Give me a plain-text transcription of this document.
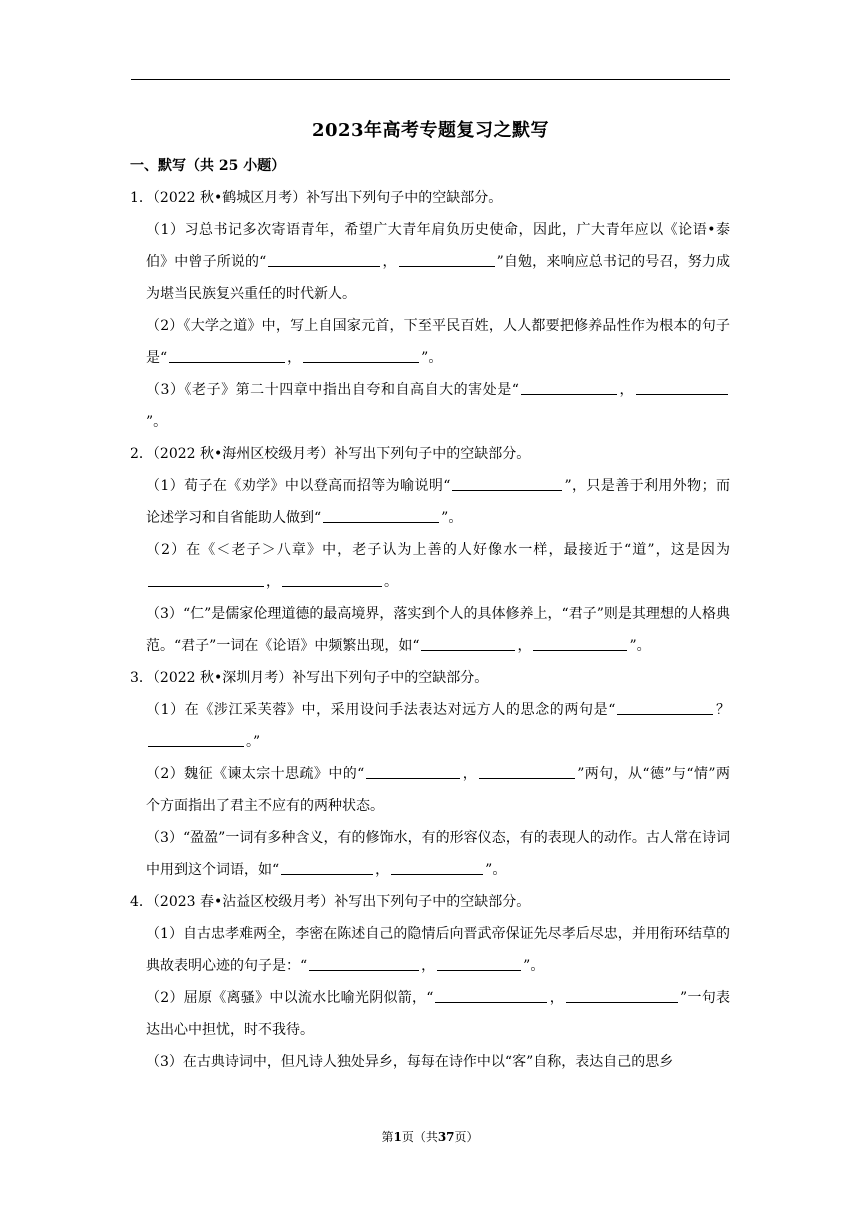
2023年高考专题复习之默写
一、默写（共 25 小题）
1．（2022 秋•鹤城区月考）补写出下列句子中的空缺部分。
（1）习总书记多次寄语青年，希望广大青年肩负历史使命，因此，广大青年应以《论语•泰伯》中曾子所说的“	，	”自勉，来响应总书记的号召，努力成为堪当民族复兴重任的时代新人。
（2）《大学之道》中，写上自国家元首，下至平民百姓，人人都要把修养品性作为根本的句子是“	，	”。
（3）《老子》第二十四章中指出自夸和自高自大的害处是“	，”。
2．（2022 秋•海州区校级月考）补写出下列句子中的空缺部分。
（1）荀子在《劝学》中以登高而招等为喻说明“	”，只是善于利用外物；而论述学习和自省能助人做到“	”。
（2）在《＜老子＞八章》中，老子认为上善的人好像水一样，最接近于“道”，这是因为 ，	。
（3）“仁”是儒家伦理道德的最高境界，落实到个人的具体修养上，“君子”则是其理想的人格典范。“君子”一词在《论语》中频繁出现，如“	，	”。
3．（2022 秋•深圳月考）补写出下列句子中的空缺部分。
（1）在《涉江采芙蓉》中，采用设问手法表达对远方人的思念的两句是“	？。”
（2）魏征《谏太宗十思疏》中的“	，	”两句，从“德”与“情”两个方面指出了君主不应有的两种状态。
（3）“盈盈”一词有多种含义，有的修饰水，有的形容仪态，有的表现人的动作。古人常在诗词中用到这个词语，如“	，	”。
4．（2023 春•沾益区校级月考）补写出下列句子中的空缺部分。
（1）自古忠孝难两全，李密在陈述自己的隐情后向晋武帝保证先尽孝后尽忠，并用衔环结草的典故表明心迹的句子是：“	，	”。
（2）屈原《离骚》中以流水比喻光阴似箭，“	，	”一句表达出心中担忧，时不我待。
（3）在古典诗词中，但凡诗人独处异乡，每每在诗作中以“客”自称，表达自己的思乡
第1页（共37页）
